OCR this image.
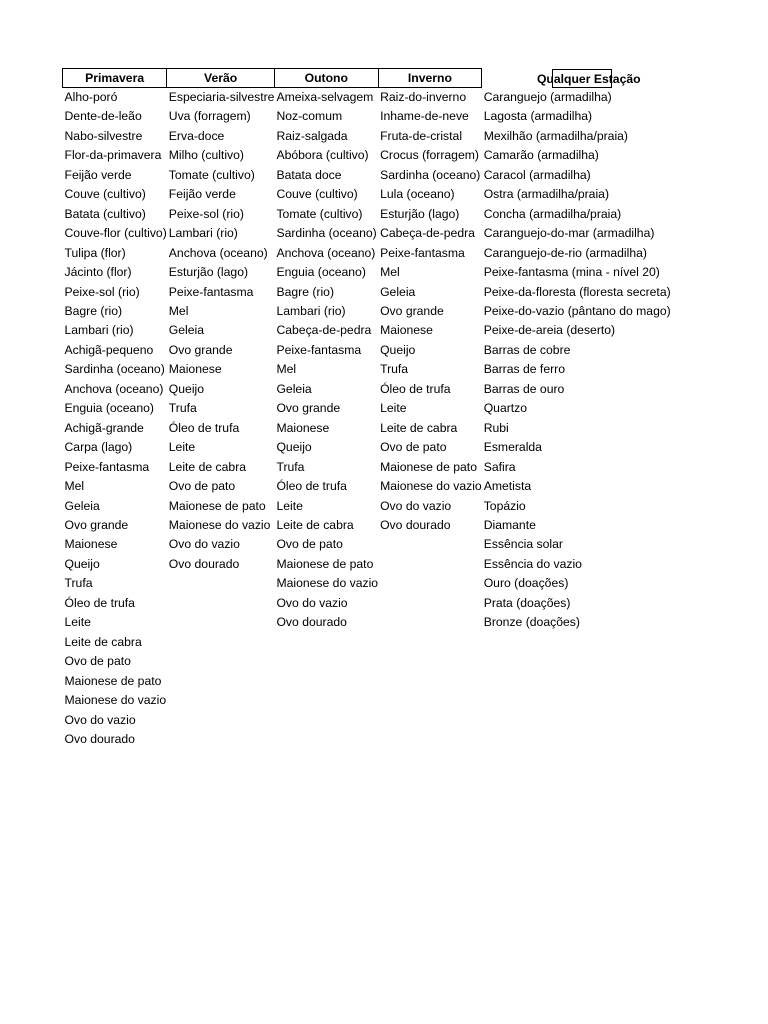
Primavera	Verão	Outono	Inverno	Qualquer Estação
Alho-poró	Especiaria-silvestre	Ameixa-selvagem	Raiz-do-inverno	Caranguejo (armadilha)
Dente-de-leão	Uva (forragem)	Noz-comum	Inhame-de-neve	Lagosta (armadilha)
Nabo-silvestre	Erva-doce	Raiz-salgada	Fruta-de-cristal	Mexilhão (armadilha/praia)
Flor-da-primavera	Milho (cultivo)	Abóbora (cultivo)	Crocus (forragem)	Camarão (armadilha)
Feijão verde	Tomate (cultivo)	Batata doce	Sardinha (oceano)	Caracol (armadilha)
Couve (cultivo)	Feijão verde	Couve (cultivo)	Lula (oceano)	Ostra (armadilha/praia)
Batata (cultivo)	Peixe-sol (rio)	Tomate (cultivo)	Esturjão (lago)	Concha (armadilha/praia)
Couve-flor (cultivo)	Lambari (rio)	Sardinha (oceano)	Cabeça-de-pedra	Caranguejo-do-mar (armadilha)
Tulipa (flor)	Anchova (oceano)	Anchova (oceano)	Peixe-fantasma	Caranguejo-de-rio (armadilha)
Jácinto (flor)	Esturjão (lago)	Enguia (oceano)	Mel	Peixe-fantasma (mina - nível 20)
Peixe-sol (rio)	Peixe-fantasma	Bagre (rio)	Geleia	Peixe-da-floresta (floresta secreta)
Bagre (rio)	Mel	Lambari (rio)	Ovo grande	Peixe-do-vazio (pântano do mago)
Lambari (rio)	Geleia	Cabeça-de-pedra	Maionese	Peixe-de-areia (deserto)
Achigã-pequeno	Ovo grande	Peixe-fantasma	Queijo	Barras de cobre
Sardinha (oceano)	Maionese	Mel	Trufa	Barras de ferro
Anchova (oceano)	Queijo	Geleia	Óleo de trufa	Barras de ouro
Enguia (oceano)	Trufa	Ovo grande	Leite	Quartzo
Achigã-grande	Óleo de trufa	Maionese	Leite de cabra	Rubi
Carpa (lago)	Leite	Queijo	Ovo de pato	Esmeralda
Peixe-fantasma	Leite de cabra	Trufa	Maionese de pato	Safira
Mel	Ovo de pato	Óleo de trufa	Maionese do vazio	Ametista
Geleia	Maionese de pato	Leite	Ovo do vazio	Topázio
Ovo grande	Maionese do vazio	Leite de cabra	Ovo dourado	Diamante
Maionese	Ovo do vazio	Ovo de pato		Essência solar
Queijo	Ovo dourado	Maionese de pato		Essência do vazio
Trufa		Maionese do vazio		Ouro (doações)
Óleo de trufa		Ovo do vazio		Prata (doações)
Leite		Ovo dourado		Bronze (doações)
Leite de cabra				
Ovo de pato				
Maionese de pato				
Maionese do vazio				
Ovo do vazio				
Ovo dourado				
